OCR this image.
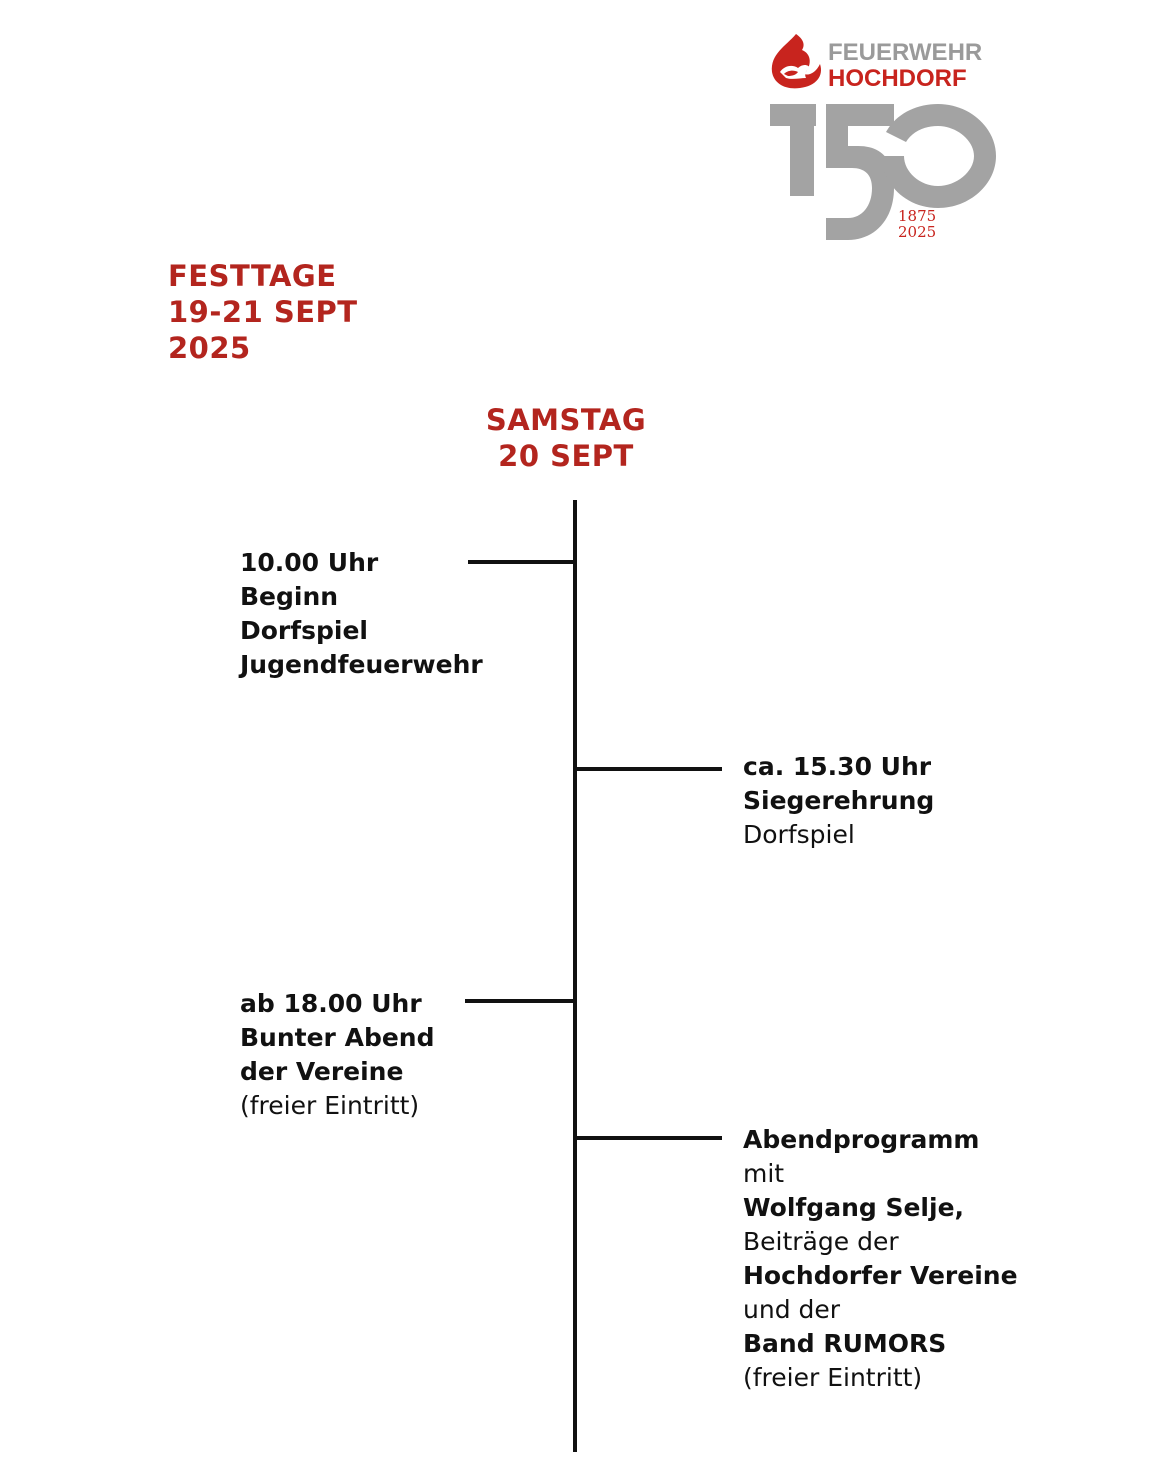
FEUERWEHR
HOCHDORF
1875
2025
FESTTAGE
19-21 SEPT
2025
SAMSTAG
20 SEPT
10.00 Uhr
Beginn
Dorfspiel
Jugendfeuerwehr
ca. 15.30 Uhr
Siegerehrung
Dorfspiel
ab 18.00 Uhr
Bunter Abend
der Vereine
(freier Eintritt)
Abendprogramm
mit
Wolfgang Selje,
Beiträge der
Hochdorfer Vereine
und der
Band RUMORS
(freier Eintritt)
